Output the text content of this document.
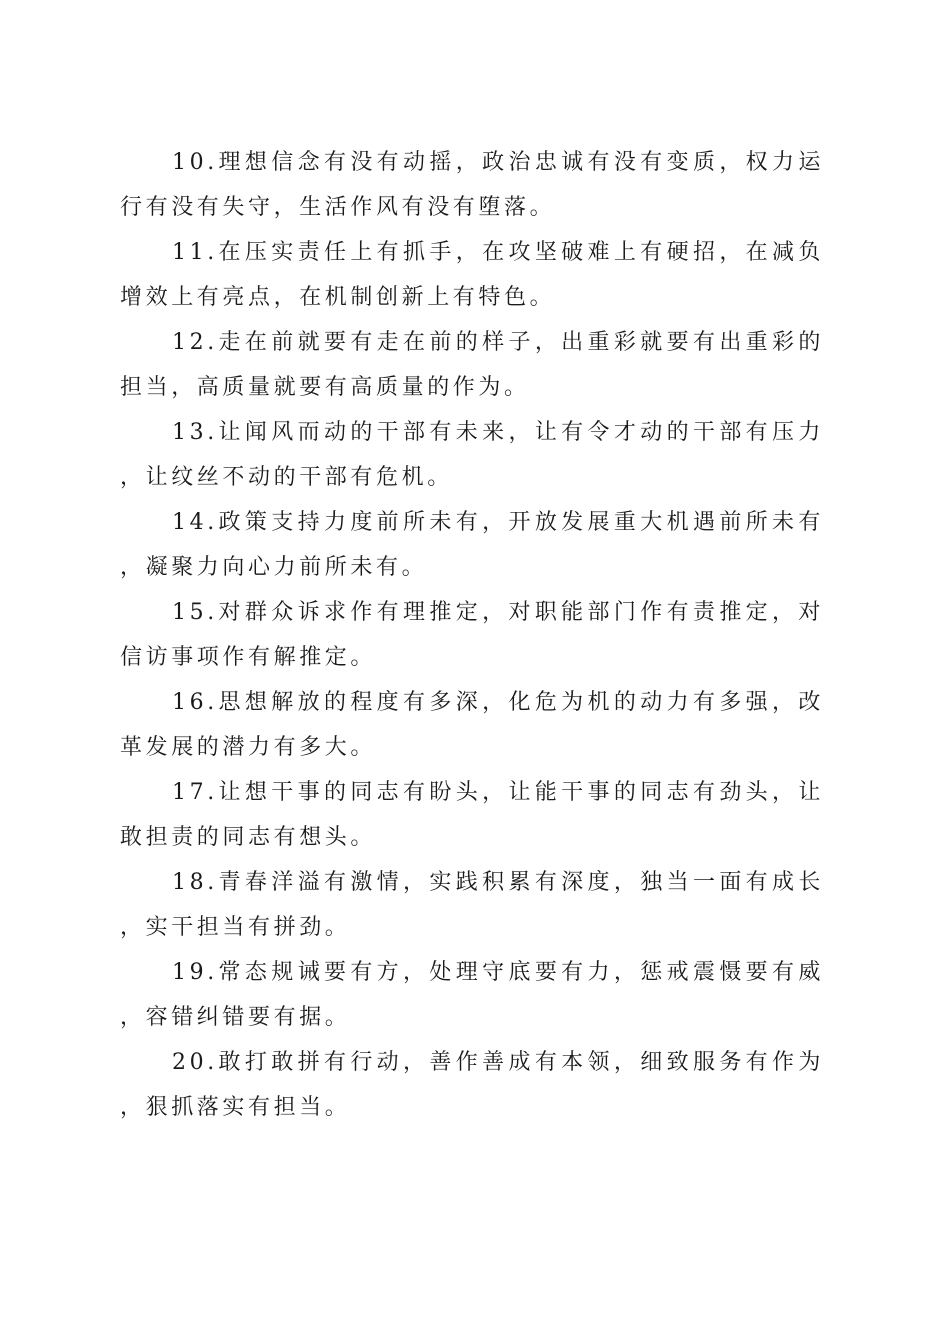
10.理想信念有没有动摇，政治忠诚有没有变质，权力运行有没有失守，生活作风有没有堕落。

11.在压实责任上有抓手，在攻坚破难上有硬招，在减负增效上有亮点，在机制创新上有特色。

12.走在前就要有走在前的样子，出重彩就要有出重彩的担当，高质量就要有高质量的作为。

13.让闻风而动的干部有未来，让有令才动的干部有压力，让纹丝不动的干部有危机。

14.政策支持力度前所未有，开放发展重大机遇前所未有，凝聚力向心力前所未有。

15.对群众诉求作有理推定，对职能部门作有责推定，对信访事项作有解推定。

16.思想解放的程度有多深，化危为机的动力有多强，改革发展的潜力有多大。

17.让想干事的同志有盼头，让能干事的同志有劲头，让敢担责的同志有想头。

18.青春洋溢有激情，实践积累有深度，独当一面有成长，实干担当有拼劲。

19.常态规诫要有方，处理守底要有力，惩戒震慑要有威，容错纠错要有据。

20.敢打敢拼有行动，善作善成有本领，细致服务有作为，狠抓落实有担当。
